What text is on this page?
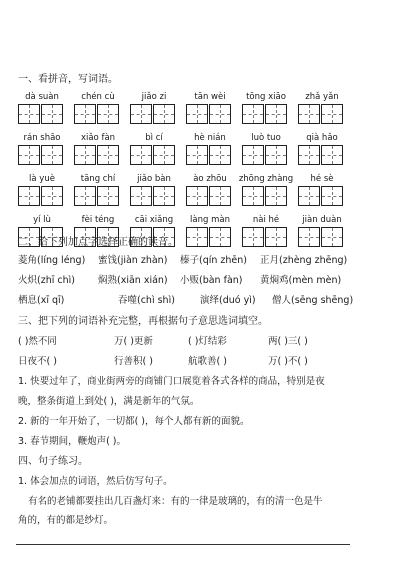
一、看拼音，写词语。
dà suàn	chén cù	jiǎo zi	tān wèi	tōng xiāo	zhǎ yǎn
rán shāo	xiǎo fàn	bì cí	hè nián	luò tuo	qià hǎo
là yuè	tāng chí	jiǎo bàn	ào zhōu	zhōng zhàng	hé sè
yí lù	fèi téng	cāi xiǎng	làng màn	nài hé	jiàn duàn
二、给下列加点字选择正确的读音。
菱角(líng léng) 蜜饯(jiàn zhàn) 榛子(qín zhēn) 正月(zhèng zhēng)
火炽(zhī chì) 焖熟(xiān xián) 小贩(bàn fàn) 黄焖鸡(mèn mèn)
栖息(xī qī)	吞噬(chì shì)	演绎(duó yì) 僧人(sēng shēng)
三、把下列的词语补充完整，再根据句子意思选词填空。
( )然不同	万( )更新	( )灯结彩	两( )三( )
日夜不( )	行善积( )	航歌善( )	万( )不( )
1. 快要过年了，商业街两旁的商铺门口展览着各式各样的商品，特别是夜
晚，整条街道上到处( )，满是新年的气氛。
2. 新的一年开始了，一切都( )，每个人都有新的面貌。
3. 春节期间，鞭炮声( )。
四、句子练习。
1. 体会加点的词语，然后仿写句子。
有名的老铺都要挂出几百盏灯来：有的一律是玻璃的，有的清一色是牛
角的，有的都是纱灯。
